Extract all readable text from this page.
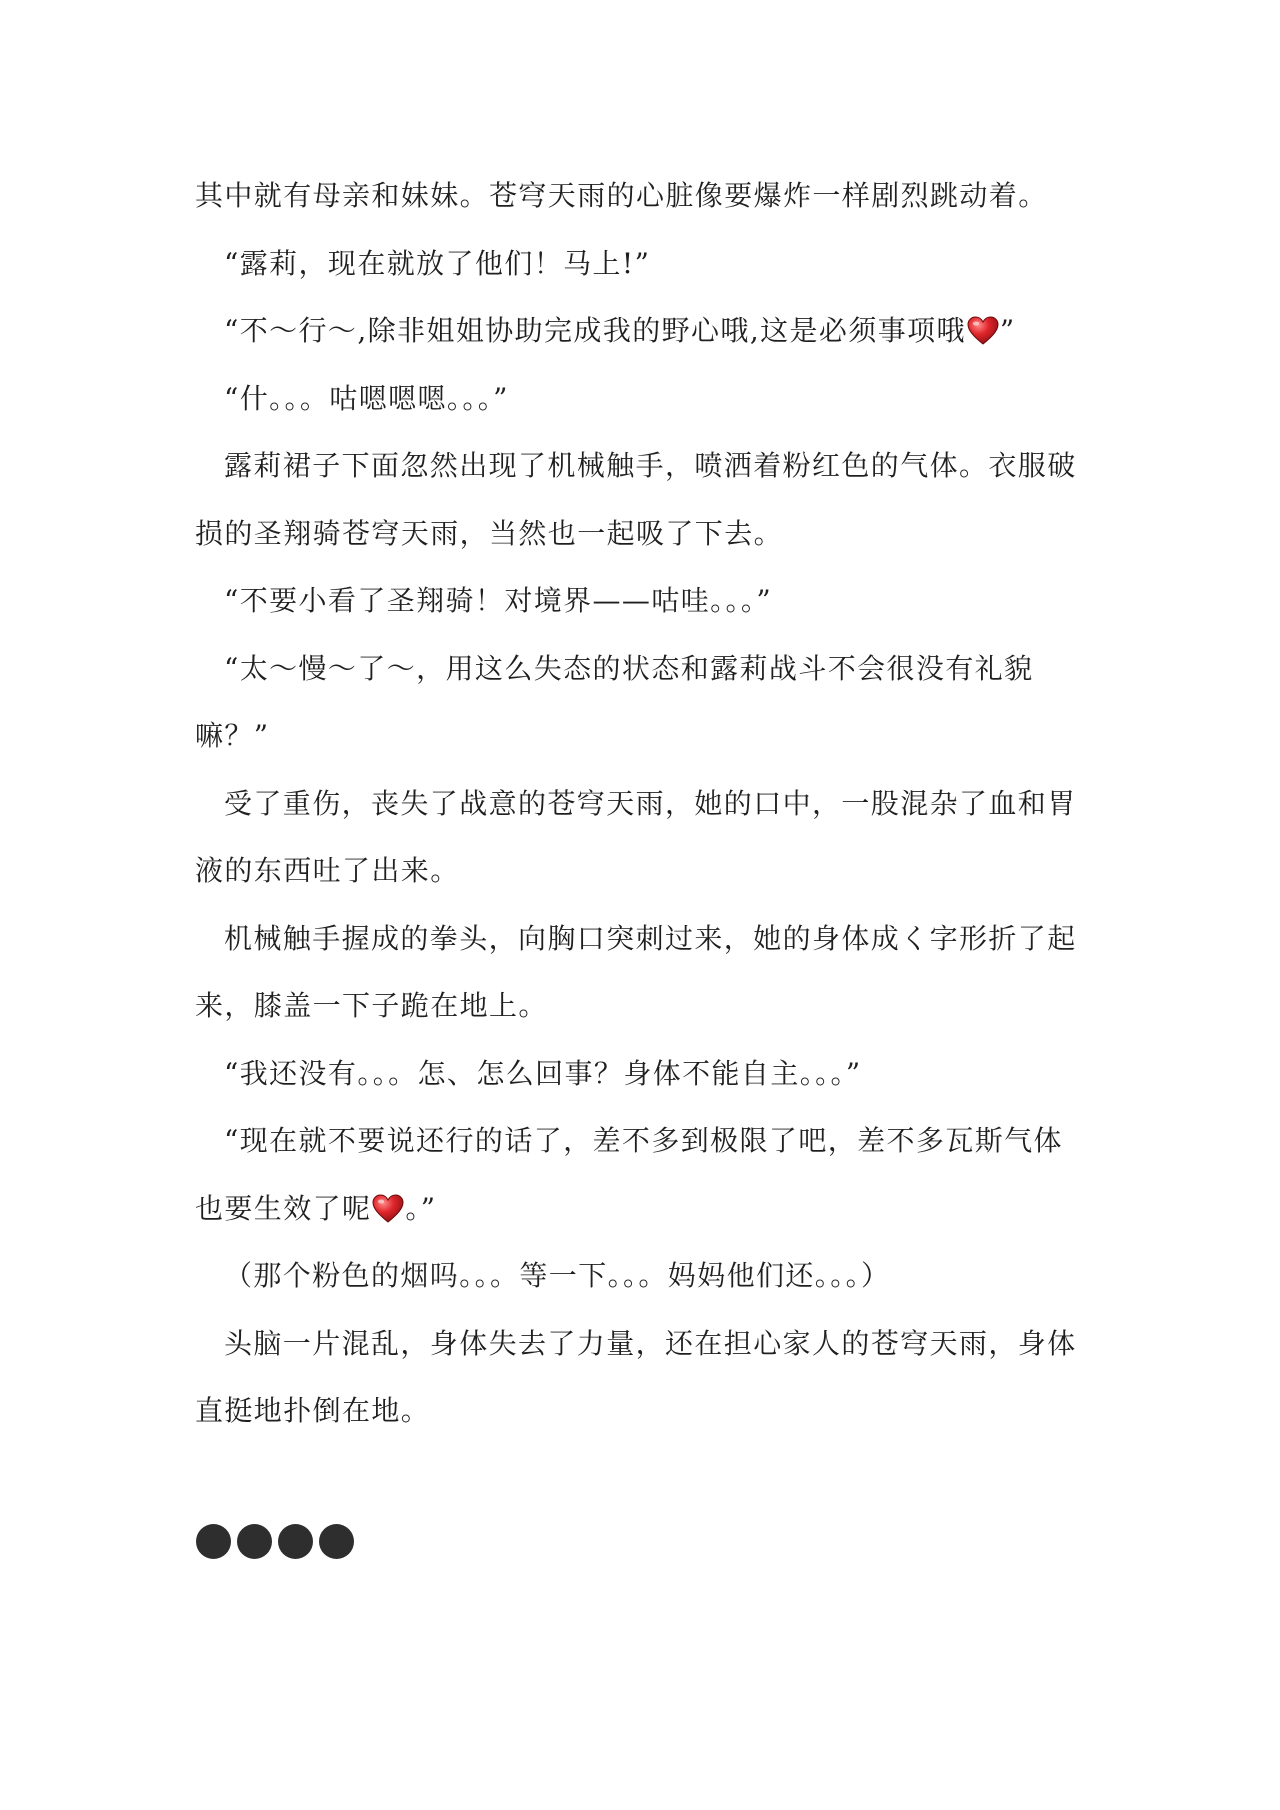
其中就有母亲和妹妹。苍穹天雨的心脏像要爆炸一样剧烈跳动着。
“露莉，现在就放了他们！马上!”
“不～行～,除非姐姐协助完成我的野心哦,这是必须事项哦 ”
“什。。。咕嗯嗯嗯。。。”
露莉裙子下面忽然出现了机械触手，喷洒着粉红色的气体。衣服破
损的圣翔骑苍穹天雨，当然也一起吸了下去。
“不要小看了圣翔骑！对境界——咕哇。。。”
“太～慢～了～，用这么失态的状态和露莉战斗不会很没有礼貌
嘛？”
受了重伤，丧失了战意的苍穹天雨，她的口中，一股混杂了血和胃
液的东西吐了出来。
机械触手握成的拳头，向胸口突刺过来，她的身体成く字形折了起
来，膝盖一下子跪在地上。
“我还没有。。。怎、怎么回事？身体不能自主。。。”
“现在就不要说还行的话了，差不多到极限了吧，差不多瓦斯气体
也要生效了呢 。”
（那个粉色的烟吗。。。等一下。。。妈妈他们还。。。）
头脑一片混乱，身体失去了力量，还在担心家人的苍穹天雨，身体
直挺地扑倒在地。
